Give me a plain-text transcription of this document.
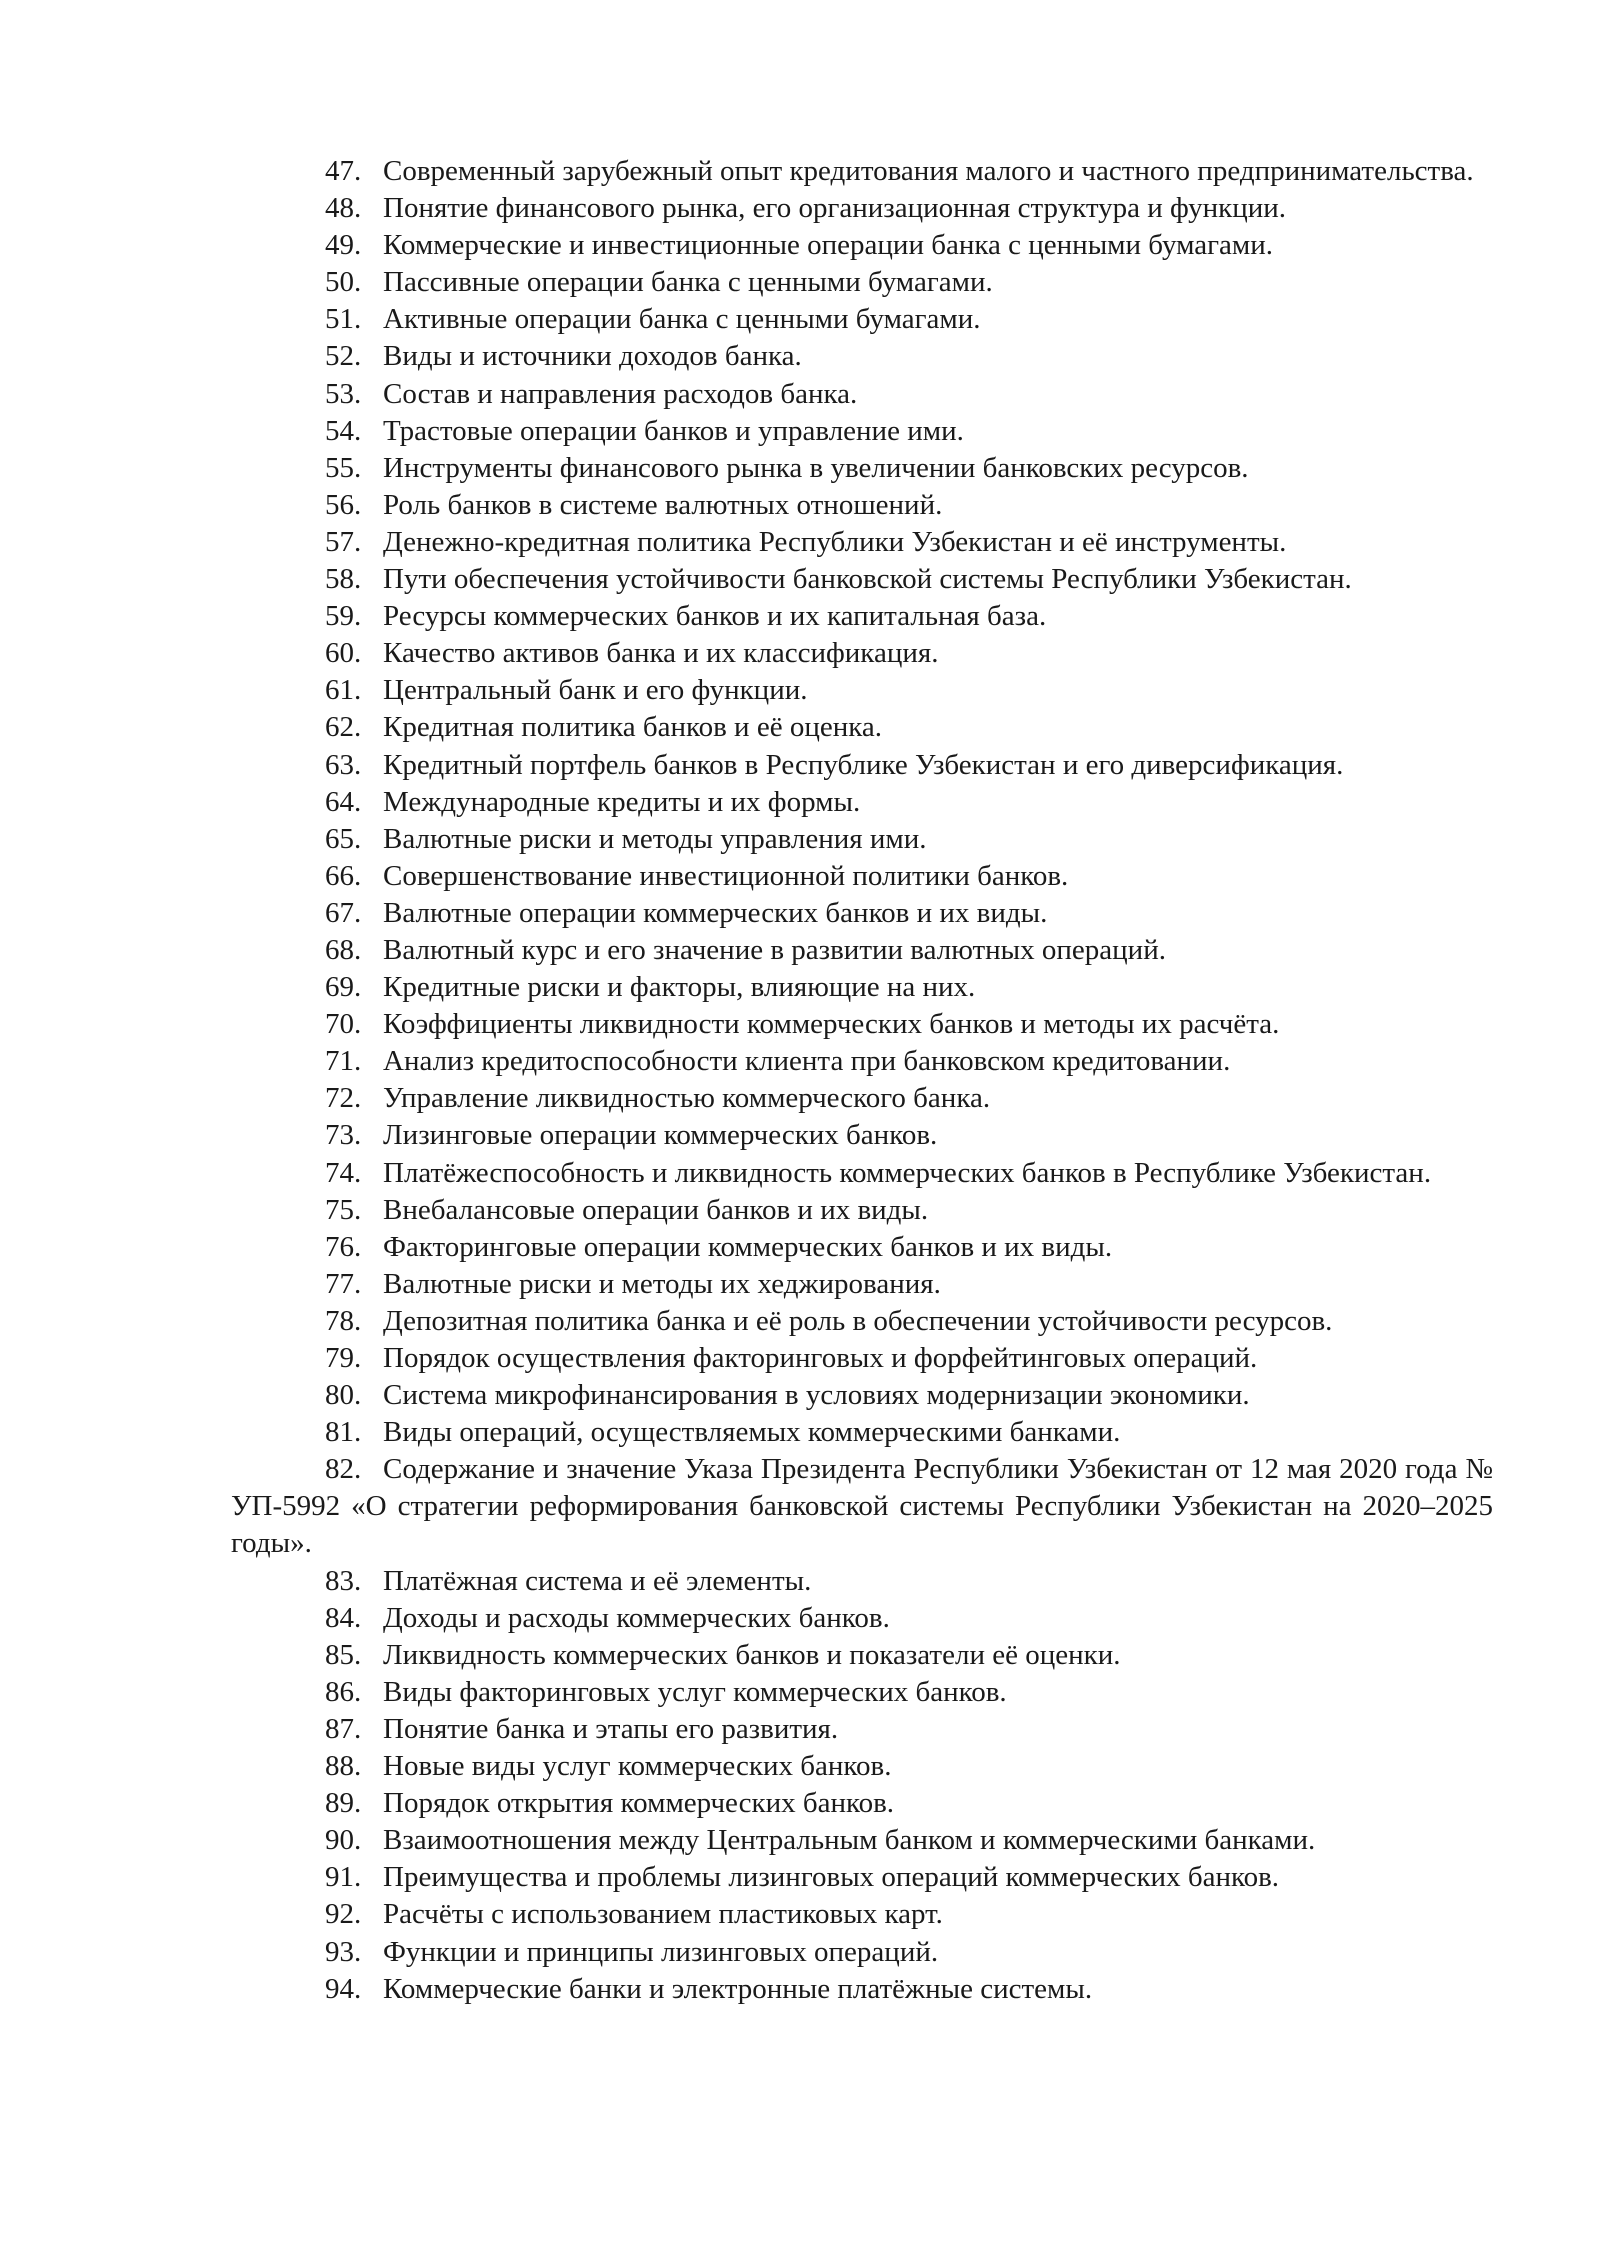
47. Современный зарубежный опыт кредитования малого и частного предпринимательства.

48. Понятие финансового рынка, его организационная структура и функции.

49. Коммерческие и инвестиционные операции банка с ценными бумагами.

50. Пассивные операции банка с ценными бумагами.

51. Активные операции банка с ценными бумагами.

52. Виды и источники доходов банка.

53. Состав и направления расходов банка.

54. Трастовые операции банков и управление ими.

55. Инструменты финансового рынка в увеличении банковских ресурсов.

56. Роль банков в системе валютных отношений.

57. Денежно-кредитная политика Республики Узбекистан и её инструменты.

58. Пути обеспечения устойчивости банковской системы Республики Узбекистан.

59. Ресурсы коммерческих банков и их капитальная база.

60. Качество активов банка и их классификация.

61. Центральный банк и его функции.

62. Кредитная политика банков и её оценка.

63. Кредитный портфель банков в Республике Узбекистан и его диверсификация.

64. Международные кредиты и их формы.

65. Валютные риски и методы управления ими.

66. Совершенствование инвестиционной политики банков.

67. Валютные операции коммерческих банков и их виды.

68. Валютный курс и его значение в развитии валютных операций.

69. Кредитные риски и факторы, влияющие на них.

70. Коэффициенты ликвидности коммерческих банков и методы их расчёта.

71. Анализ кредитоспособности клиента при банковском кредитовании.

72. Управление ликвидностью коммерческого банка.

73. Лизинговые операции коммерческих банков.

74. Платёжеспособность и ликвидность коммерческих банков в Республике Узбекистан.

75. Внебалансовые операции банков и их виды.

76. Факторинговые операции коммерческих банков и их виды.

77. Валютные риски и методы их хеджирования.

78. Депозитная политика банка и её роль в обеспечении устойчивости ресурсов.

79. Порядок осуществления факторинговых и форфейтинговых операций.

80. Система микрофинансирования в условиях модернизации экономики.

81. Виды операций, осуществляемых коммерческими банками.

82. Содержание и значение Указа Президента Республики Узбекистан от 12 мая 2020 года № УП-5992 «О стратегии реформирования банковской системы Республики Узбекистан на 2020–2025 годы».

83. Платёжная система и её элементы.

84. Доходы и расходы коммерческих банков.

85. Ликвидность коммерческих банков и показатели её оценки.

86. Виды факторинговых услуг коммерческих банков.

87. Понятие банка и этапы его развития.

88. Новые виды услуг коммерческих банков.

89. Порядок открытия коммерческих банков.

90. Взаимоотношения между Центральным банком и коммерческими банками.

91. Преимущества и проблемы лизинговых операций коммерческих банков.

92. Расчёты с использованием пластиковых карт.

93. Функции и принципы лизинговых операций.

94. Коммерческие банки и электронные платёжные системы.
